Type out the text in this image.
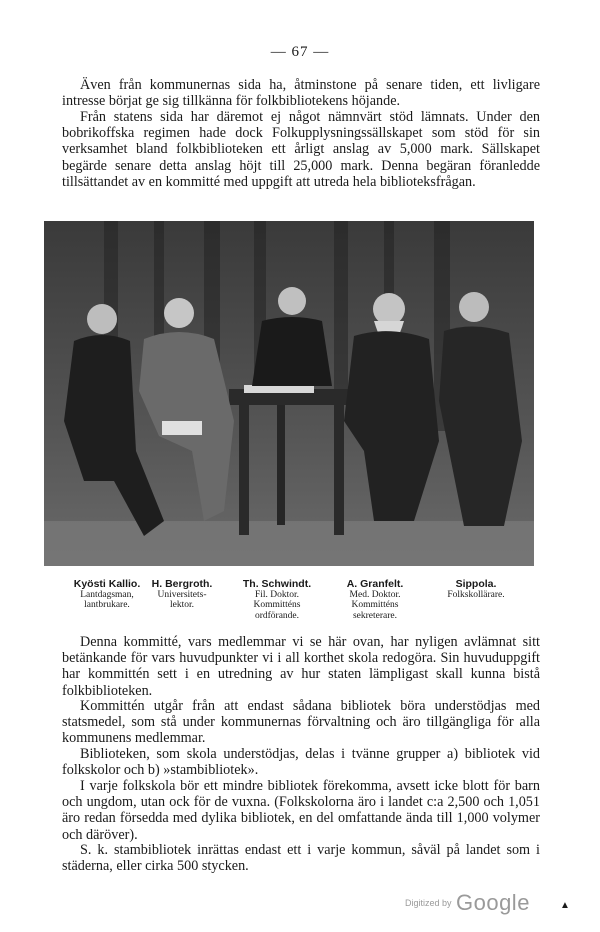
— 67 —

Även från kommunernas sida ha, åtminstone på senare tiden, ett livligare intresse börjat ge sig tillkänna för folkbibliotekens höjande.

Från statens sida har däremot ej något nämnvärt stöd lämnats. Under den bobrikoffska regimen hade dock Folkupplysningssällskapet som stöd för sin verksamhet bland folkbiblioteken ett årligt anslag av 5,000 mark. Sällskapet begärde senare detta anslag höjt till 25,000 mark. Denna begäran föranledde tillsättandet av en kommitté med uppgift att utreda hela biblioteksfrågan.

Kyösti Kallio.
Lantdagsman,
lantbrukare.
H. Bergroth.
Universitets-
lektor.
Th. Schwindt.
Fil. Doktor.
Kommitténs
ordförande.
A. Granfelt.
Med. Doktor.
Kommitténs
sekreterare.
Sippola.
Folkskollärare.

Denna kommitté, vars medlemmar vi se här ovan, har nyligen avlämnat sitt betänkande för vars huvudpunkter vi i all korthet skola redogöra. Sin huvuduppgift har kommittén sett i en utredning av hur staten lämpligast skall kunna bistå folkbiblioteken.

Kommittén utgår från att endast sådana bibliotek böra understödjas med statsmedel, som stå under kommunernas förvaltning och äro tillgängliga för alla kommunens medlemmar.

Biblioteken, som skola understödjas, delas i tvänne grupper a) bibliotek vid folkskolor och b) »stambibliotek».

I varje folkskola bör ett mindre bibliotek förekomma, avsett icke blott för barn och ungdom, utan ock för de vuxna. (Folkskolorna äro i landet c:a 2,500 och 1,051 äro redan försedda med dylika bibliotek, en del omfattande ända till 1,000 volymer och däröver).

S. k. stambibliotek inrättas endast ett i varje kommun, såväl på landet som i städerna, eller cirka 500 stycken.

Digitized by Google	▲
